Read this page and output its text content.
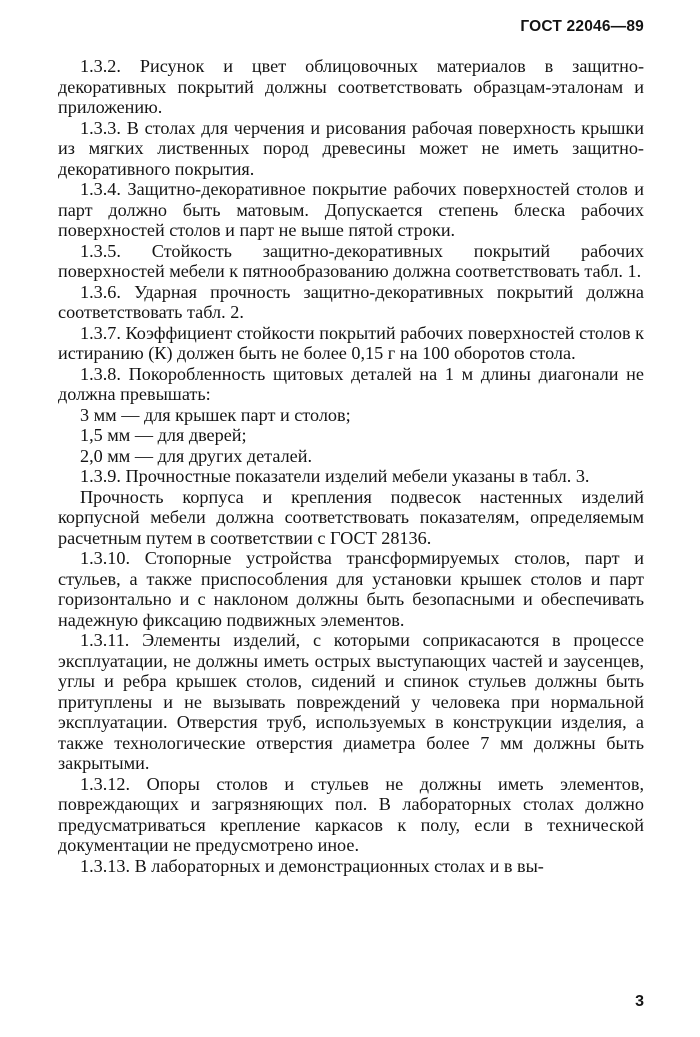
ГОСТ 22046—89

1.3.2. Рисунок и цвет облицовочных материалов в защитно-декоративных покрытий должны соответствовать образцам-эталонам и приложению.

1.3.3. В столах для черчения и рисования рабочая поверхность крышки из мягких лиственных пород древесины может не иметь защитно-декоративного покрытия.

1.3.4. Защитно-декоративное покрытие рабочих поверхностей столов и парт должно быть матовым. Допускается степень блеска рабочих поверхностей столов и парт не выше пятой строки.

1.3.5. Стойкость защитно-декоративных покрытий рабочих поверхностей мебели к пятнообразованию должна соответствовать табл. 1.

1.3.6. Ударная прочность защитно-декоративных покрытий должна соответствовать табл. 2.

1.3.7. Коэффициент стойкости покрытий рабочих поверхностей столов к истиранию (К) должен быть не более 0,15 г на 100 оборотов стола.

1.3.8. Покоробленность щитовых деталей на 1 м длины диагонали не должна превышать:

3 мм — для крышек парт и столов;

1,5 мм — для дверей;

2,0 мм — для других деталей.

1.3.9. Прочностные показатели изделий мебели указаны в табл. 3.

Прочность корпуса и крепления подвесок настенных изделий корпусной мебели должна соответствовать показателям, определяемым расчетным путем в соответствии с ГОСТ 28136.

1.3.10. Стопорные устройства трансформируемых столов, парт и стульев, а также приспособления для установки крышек столов и парт горизонтально и с наклоном должны быть безопасными и обеспечивать надежную фиксацию подвижных элементов.

1.3.11. Элементы изделий, с которыми соприкасаются в процессе эксплуатации, не должны иметь острых выступающих частей и заусенцев, углы и ребра крышек столов, сидений и спинок стульев должны быть притуплены и не вызывать повреждений у человека при нормальной эксплуатации. Отверстия труб, используемых в конструкции изделия, а также технологические отверстия диаметра более 7 мм должны быть закрытыми.

1.3.12. Опоры столов и стульев не должны иметь элементов, повреждающих и загрязняющих пол. В лабораторных столах должно предусматриваться крепление каркасов к полу, если в технической документации не предусмотрено иное.

1.3.13. В лабораторных и демонстрационных столах и в вы-

3
